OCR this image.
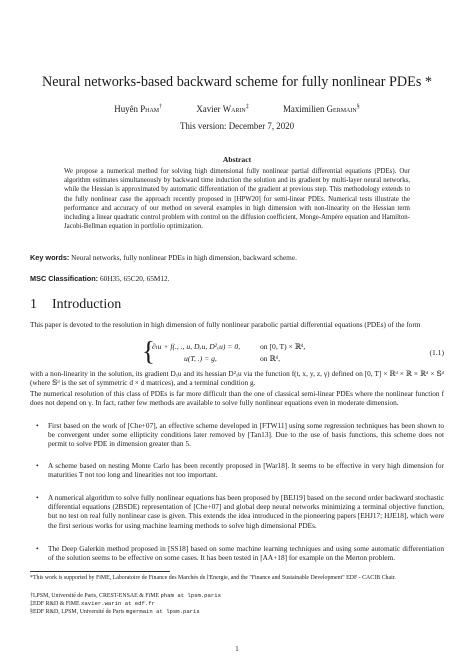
Neural networks-based backward scheme for fully nonlinear PDEs *
Huyên Pham†	Xavier Warin‡	Maximilien Germain§
This version: December 7, 2020
Abstract
We propose a numerical method for solving high dimensional fully nonlinear partial differential equations (PDEs). Our algorithm estimates simultaneously by backward time induction the solution and its gradient by multi-layer neural networks, while the Hessian is approximated by automatic differentiation of the gradient at previous step. This methodology extends to the fully nonlinear case the approach recently proposed in [HPW20] for semi-linear PDEs. Numerical tests illustrate the performance and accuracy of our method on several examples in high dimension with non-linearity on the Hessian term including a linear quadratic control problem with control on the diffusion coefficient, Monge-Ampère equation and Hamilton-Jacobi-Bellman equation in portfolio optimization.
Key words: Neural networks, fully nonlinear PDEs in high dimension, backward scheme.
MSC Classification: 60H35, 65C20, 65M12.
1 Introduction
This paper is devoted to the resolution in high dimension of fully nonlinear parabolic partial differential equations (PDEs) of the form
{
∂ₜu + f(., ., u, Dₓu, D²ₓu) = 0,
u(T, .) = g,
on [0, T) × ℝᵈ,
on ℝᵈ,
(1.1)
with a non-linearity in the solution, its gradient Dₓu and its hessian D²ₓu via the function f(t, x, y, z, γ) defined on [0, T] × ℝᵈ × ℝ × ℝᵈ × 𝕊ᵈ (where 𝕊ᵈ is the set of symmetric d × d matrices), and a terminal condition g.
The numerical resolution of this class of PDEs is far more difficult than the one of classical semi-linear PDEs where the nonlinear function f does not depend on γ. In fact, rather few methods are available to solve fully nonlinear equations even in moderate dimension.
• First based on the work of [Che+07], an effective scheme developed in [FTW11] using some regression techniques has been shown to be convergent under some ellipticity conditions later removed by [Tan13]. Due to the use of basis functions, this scheme does not permit to solve PDE in dimension greater than 5.
• A scheme based on nesting Monte Carlo has been recently proposed in [War18]. It seems to be effective in very high dimension for maturities T not too long and linearities not too important.
• A numerical algorithm to solve fully nonlinear equations has been proposed by [BEJ19] based on the second order backward stochastic differential equations (2BSDE) representation of [Che+07] and global deep neural networks minimizing a terminal objective function, but no test on real fully nonlinear case is given. This extends the idea introduced in the pioneering papers [EHJ17; HJE18], which were the first serious works for using machine learning methods to solve high dimensional PDEs.
• The Deep Galerkin method proposed in [SS18] based on some machine learning techniques and using some automatic differentiation of the solution seems to be effective on some cases. It has been tested in [AA+18] for example on the Merton problem.
*This work is supported by FiME, Laboratoire de Finance des Marchés de l'Energie, and the "Finance and Sustainable Development" EDF - CACIB Chair.
†LPSM, Université de Paris, CREST-ENSAE & FiME pham at lpsm.paris
‡EDF R&D & FiME xavier.warin at edf.fr
§EDF R&D, LPSM, Université de Paris mgermain at lpsm.paris
1
